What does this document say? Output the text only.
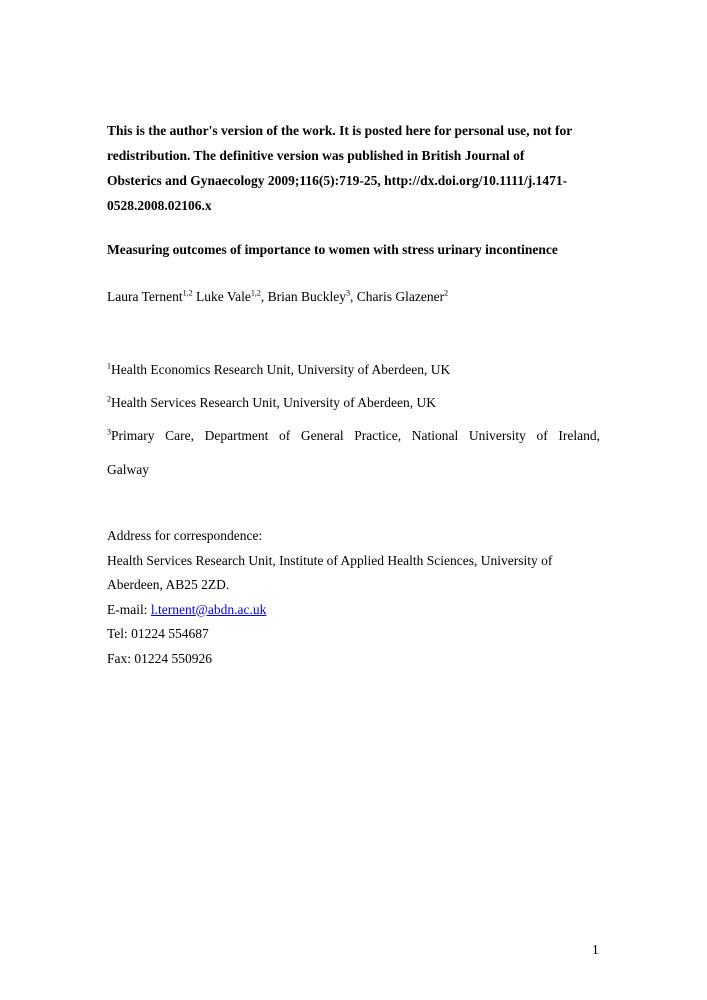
This is the author's version of the work. It is posted here for personal use, not for
redistribution. The definitive version was published in British Journal of
Obsterics and Gynaecology 2009;116(5):719-25, http://dx.doi.org/10.1111/j.1471-
0528.2008.02106.x

Measuring outcomes of importance to women with stress urinary incontinence

Laura Ternent$^{1,2}$ Luke Vale$^{1,2}$, Brian Buckley$^3$, Charis Glazener$^2$

$^1$Health Economics Research Unit, University of Aberdeen, UK

$^2$Health Services Research Unit, University of Aberdeen, UK

$^3$Primary Care, Department of General Practice, National University of Ireland,

Galway

Address for correspondence:
Health Services Research Unit, Institute of Applied Health Sciences, University of
Aberdeen, AB25 2ZD.
E-mail: l.ternent@abdn.ac.uk
Tel: 01224 554687
Fax: 01224 550926

1
